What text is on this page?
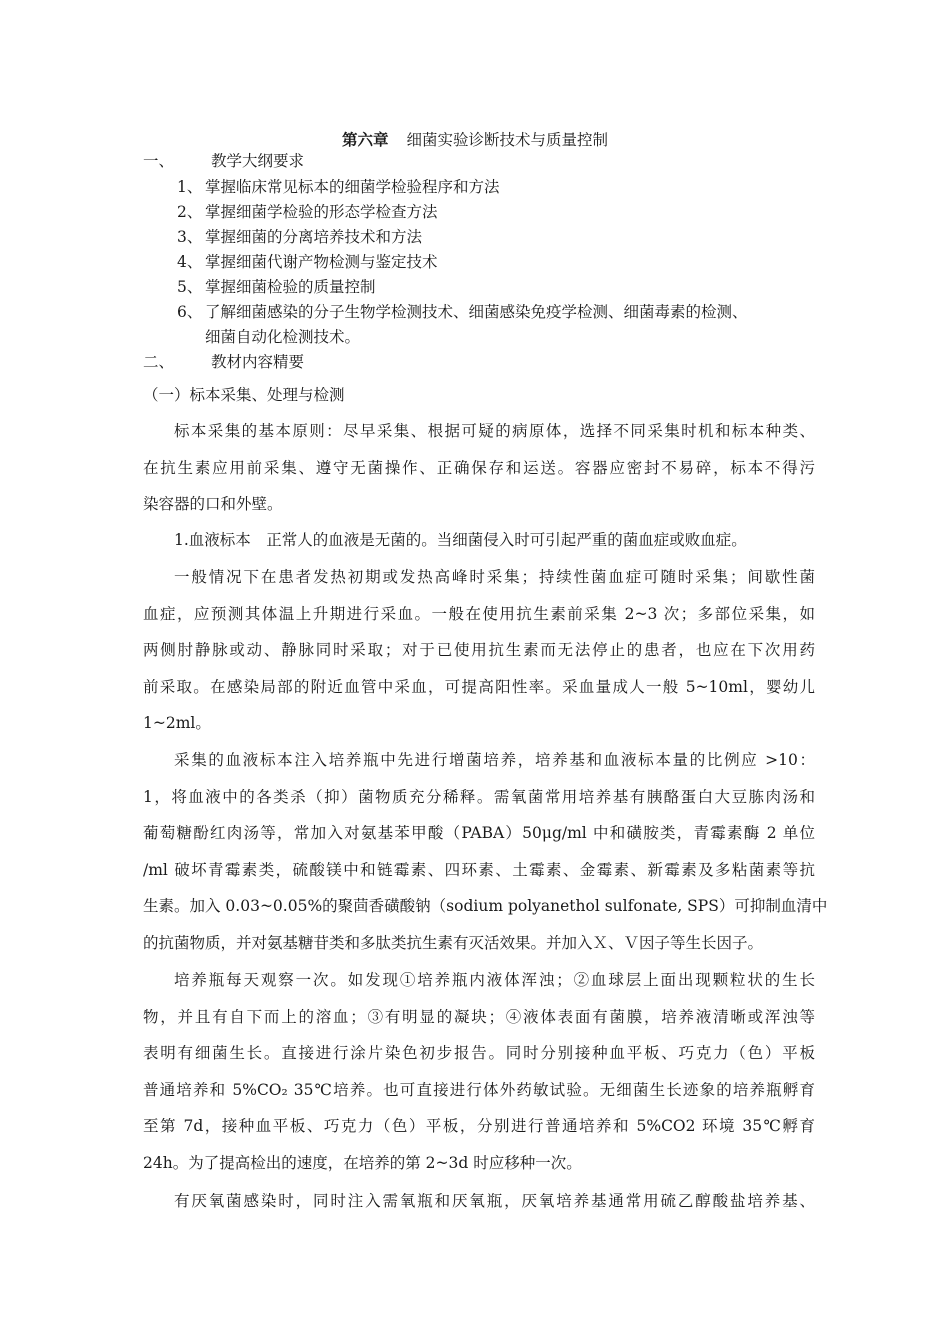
第六章 细菌实验诊断技术与质量控制
一、 教学大纲要求
1、 掌握临床常见标本的细菌学检验程序和方法
2、 掌握细菌学检验的形态学检查方法
3、 掌握细菌的分离培养技术和方法
4、 掌握细菌代谢产物检测与鉴定技术
5、 掌握细菌检验的质量控制
6、 了解细菌感染的分子生物学检测技术、细菌感染免疫学检测、细菌毒素的检测、
细菌自动化检测技术。
二、 教材内容精要
（一）标本采集、处理与检测
标本采集的基本原则：尽早采集、根据可疑的病原体，选择不同采集时机和标本种类、
在抗生素应用前采集、遵守无菌操作、正确保存和运送。容器应密封不易碎，标本不得污
染容器的口和外壁。
1.血液标本　正常人的血液是无菌的。当细菌侵入时可引起严重的菌血症或败血症。
一般情况下在患者发热初期或发热高峰时采集；持续性菌血症可随时采集；间歇性菌
血症，应预测其体温上升期进行采血。一般在使用抗生素前采集 2~3 次；多部位采集，如
两侧肘静脉或动、静脉同时采取；对于已使用抗生素而无法停止的患者，也应在下次用药
前采取。在感染局部的附近血管中采血，可提高阳性率。采血量成人一般 5~10ml，婴幼儿
1~2ml。
采集的血液标本注入培养瓶中先进行增菌培养，培养基和血液标本量的比例应 >10：
1，将血液中的各类杀（抑）菌物质充分稀释。需氧菌常用培养基有胰酪蛋白大豆胨肉汤和
葡萄糖酚红肉汤等，常加入对氨基苯甲酸（PABA）50μg/ml 中和磺胺类，青霉素酶 2 单位
/ml 破坏青霉素类，硫酸镁中和链霉素、四环素、土霉素、金霉素、新霉素及多粘菌素等抗
生素。加入 0.03~0.05%的聚茴香磺酸钠（sodium polyanethol sulfonate, SPS）可抑制血清中
的抗菌物质，并对氨基糖苷类和多肽类抗生素有灭活效果。并加入Ｘ、Ｖ因子等生长因子。
培养瓶每天观察一次。如发现①培养瓶内液体浑浊；②血球层上面出现颗粒状的生长
物，并且有自下而上的溶血；③有明显的凝块；④液体表面有菌膜，培养液清晰或浑浊等
表明有细菌生长。直接进行涂片染色初步报告。同时分别接种血平板、巧克力（色）平板
普通培养和 5%CO₂ 35℃培养。也可直接进行体外药敏试验。无细菌生长迹象的培养瓶孵育
至第 7d，接种血平板、巧克力（色）平板，分别进行普通培养和 5%CO2 环境 35℃孵育
24h。为了提高检出的速度，在培养的第 2~3d 时应移种一次。
有厌氧菌感染时，同时注入需氧瓶和厌氧瓶，厌氧培养基通常用硫乙醇酸盐培养基、
